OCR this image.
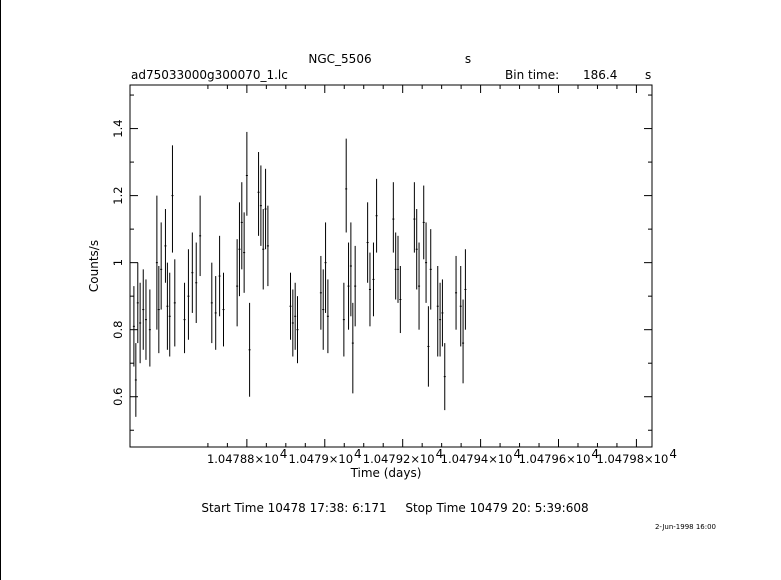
NGC_5506	s
ad75033000g300070_1.lc	Bin time: 186.4 s
1.04788×10 4 1.0479×10 4 1.04792×10 4
1.04794×10 4
1.04796×10 4
1.04798×10 4
0.6
0.8
1
1.2
1.4
Time (days)
Counts/s
Start Time 10478 17:38: 6:171 Stop Time 10479 20: 5:39:608
2-Jun-1998 16:00
